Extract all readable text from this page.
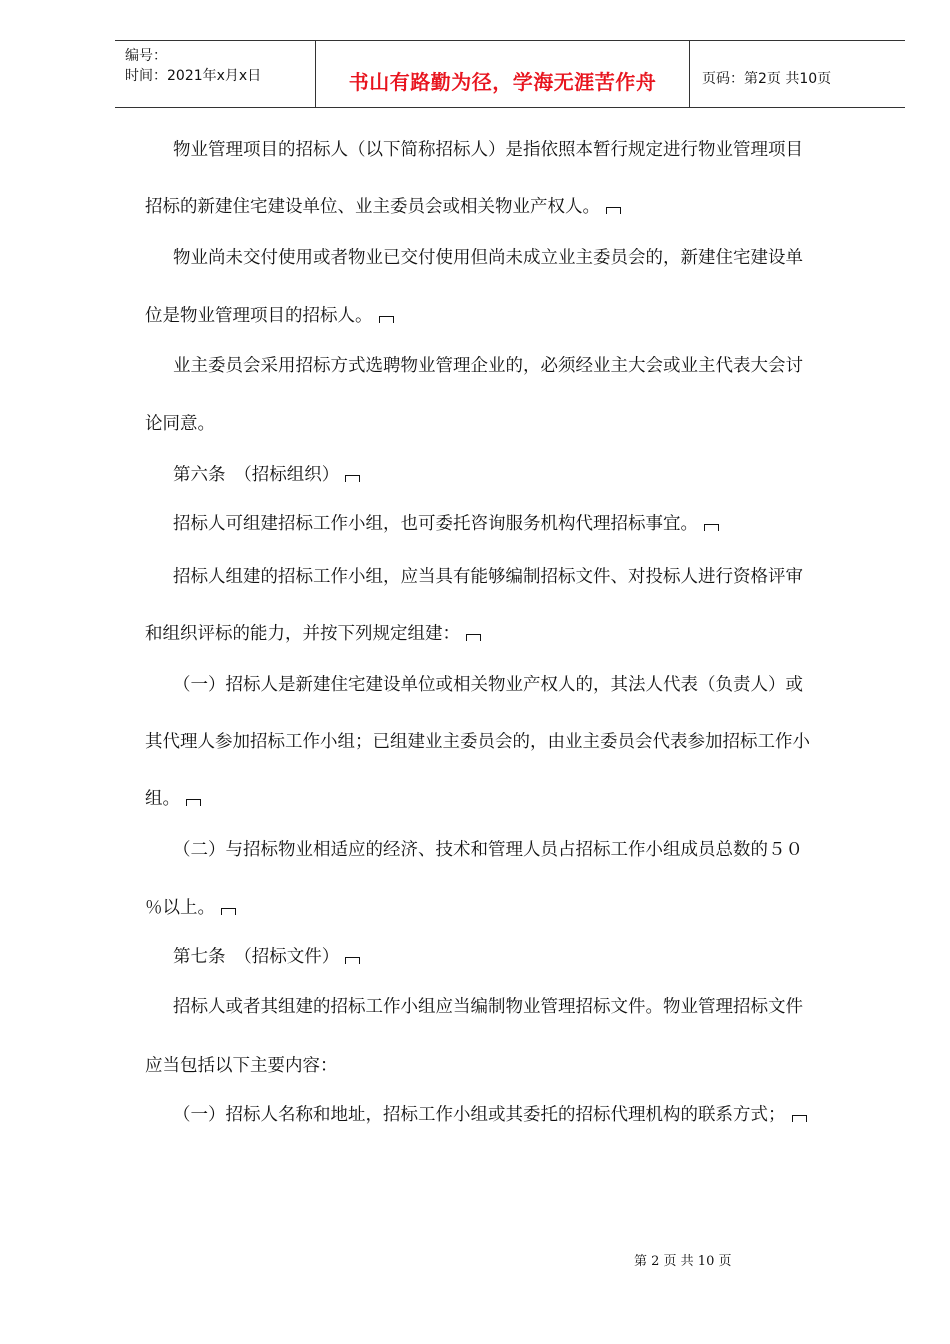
编号：
时间：2021年x月x日	书山有路勤为径，学海无涯苦作舟	页码：第2页 共10页
物业管理项目的招标人（以下简称招标人）是指依照本暂行规定进行物业管理项目
招标的新建住宅建设单位、业主委员会或相关物业产权人。
物业尚未交付使用或者物业已交付使用但尚未成立业主委员会的，新建住宅建设单
位是物业管理项目的招标人。
业主委员会采用招标方式选聘物业管理企业的，必须经业主大会或业主代表大会讨
论同意。
第六条　（招标组织）
招标人可组建招标工作小组，也可委托咨询服务机构代理招标事宜。
招标人组建的招标工作小组，应当具有能够编制招标文件、对投标人进行资格评审
和组织评标的能力，并按下列规定组建：
（一）招标人是新建住宅建设单位或相关物业产权人的，其法人代表（负责人）或
其代理人参加招标工作小组；已组建业主委员会的，由业主委员会代表参加招标工作小
组。
（二）与招标物业相适应的经济、技术和管理人员占招标工作小组成员总数的５０
％以上。
第七条　（招标文件）
招标人或者其组建的招标工作小组应当编制物业管理招标文件。物业管理招标文件
应当包括以下主要内容：
（一）招标人名称和地址，招标工作小组或其委托的招标代理机构的联系方式；
第 2 页 共 10 页
